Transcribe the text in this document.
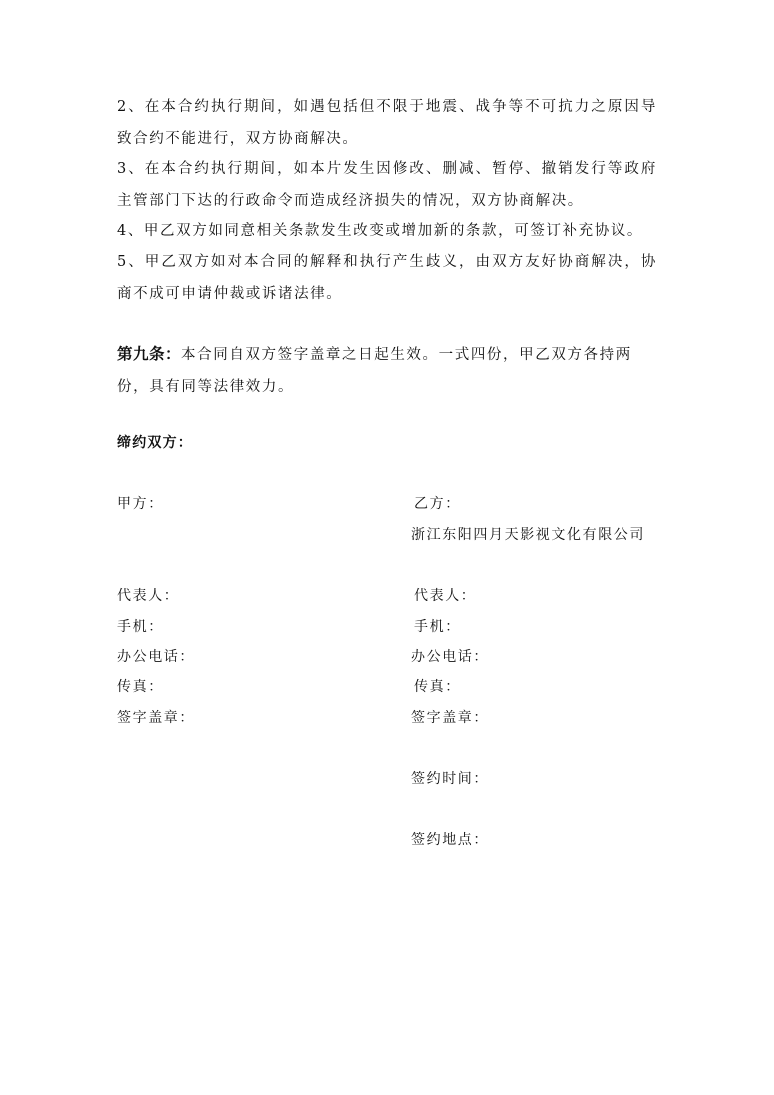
2、在本合约执行期间，如遇包括但不限于地震、战争等不可抗力之原因导致合约不能进行，双方协商解决。

3、在本合约执行期间，如本片发生因修改、删减、暂停、撤销发行等政府主管部门下达的行政命令而造成经济损失的情况，双方协商解决。

4、甲乙双方如同意相关条款发生改变或增加新的条款，可签订补充协议。

5、甲乙双方如对本合同的解释和执行产生歧义，由双方友好协商解决，协商不成可申请仲裁或诉诸法律。

第九条：本合同自双方签字盖章之日起生效。一式四份，甲乙双方各持两份，具有同等法律效力。

缔约双方：

甲方：
代表人：
手机：
办公电话：
传真：
签字盖章：
乙方：
浙江东阳四月天影视文化有限公司
代表人：
手机：
办公电话：
传真：
签字盖章：
签约时间：
签约地点：
